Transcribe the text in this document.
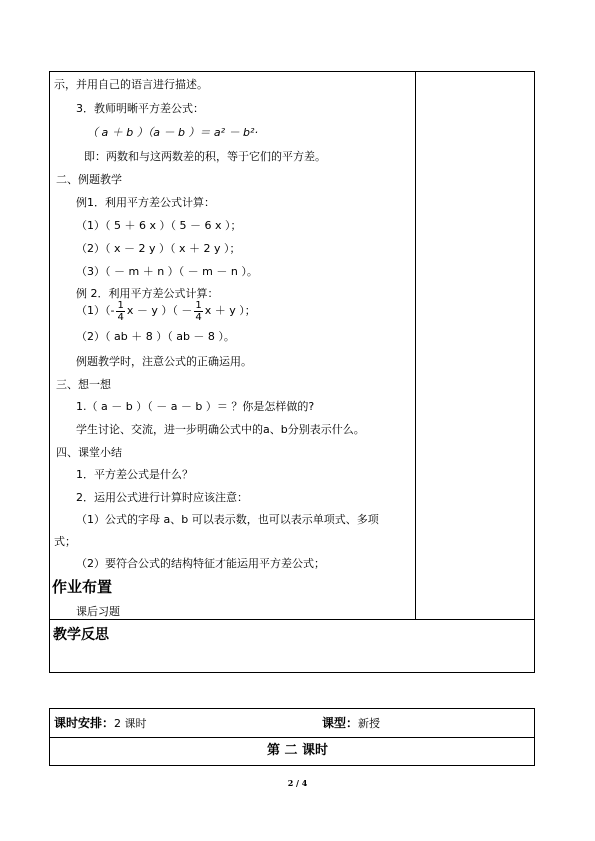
教学反思
示，并用自己的语言进行描述。
3．教师明晰平方差公式：
（ a ＋ b ）（a － b ）＝ a² － b²·
即：两数和与这两数差的积，等于它们的平方差。
二、例题教学
例1．利用平方差公式计算：
（1）（ 5 ＋ 6 x ）（ 5 － 6 x ）；
（2）（ x － 2 y ）（ x ＋ 2 y ）；
（3）（ － m ＋ n ）（ － m － n ）。
例 2．利用平方差公式计算：
$(1)(- \frac{1}{4}$ x － y ）（ － $\frac{1}{4}$ x ＋ y ）；
（2）（ ab ＋ 8 ）（ ab － 8 ）。
例题教学时，注意公式的正确运用。
三、想一想
1.（ a － b ）（ － a － b ）＝ ？你是怎样做的?
学生讨论、交流，进一步明确公式中的a、b分别表示什么。
四、课堂小结
1．平方差公式是什么？
2．运用公式进行计算时应该注意：
（1）公式的字母 a、b 可以表示数，也可以表示单项式、多项
式；
（2）要符合公式的结构特征才能运用平方差公式；
作业布置
课后习题
课时安排：2 课时	课型：新授
第 二 课时
2 / 4
